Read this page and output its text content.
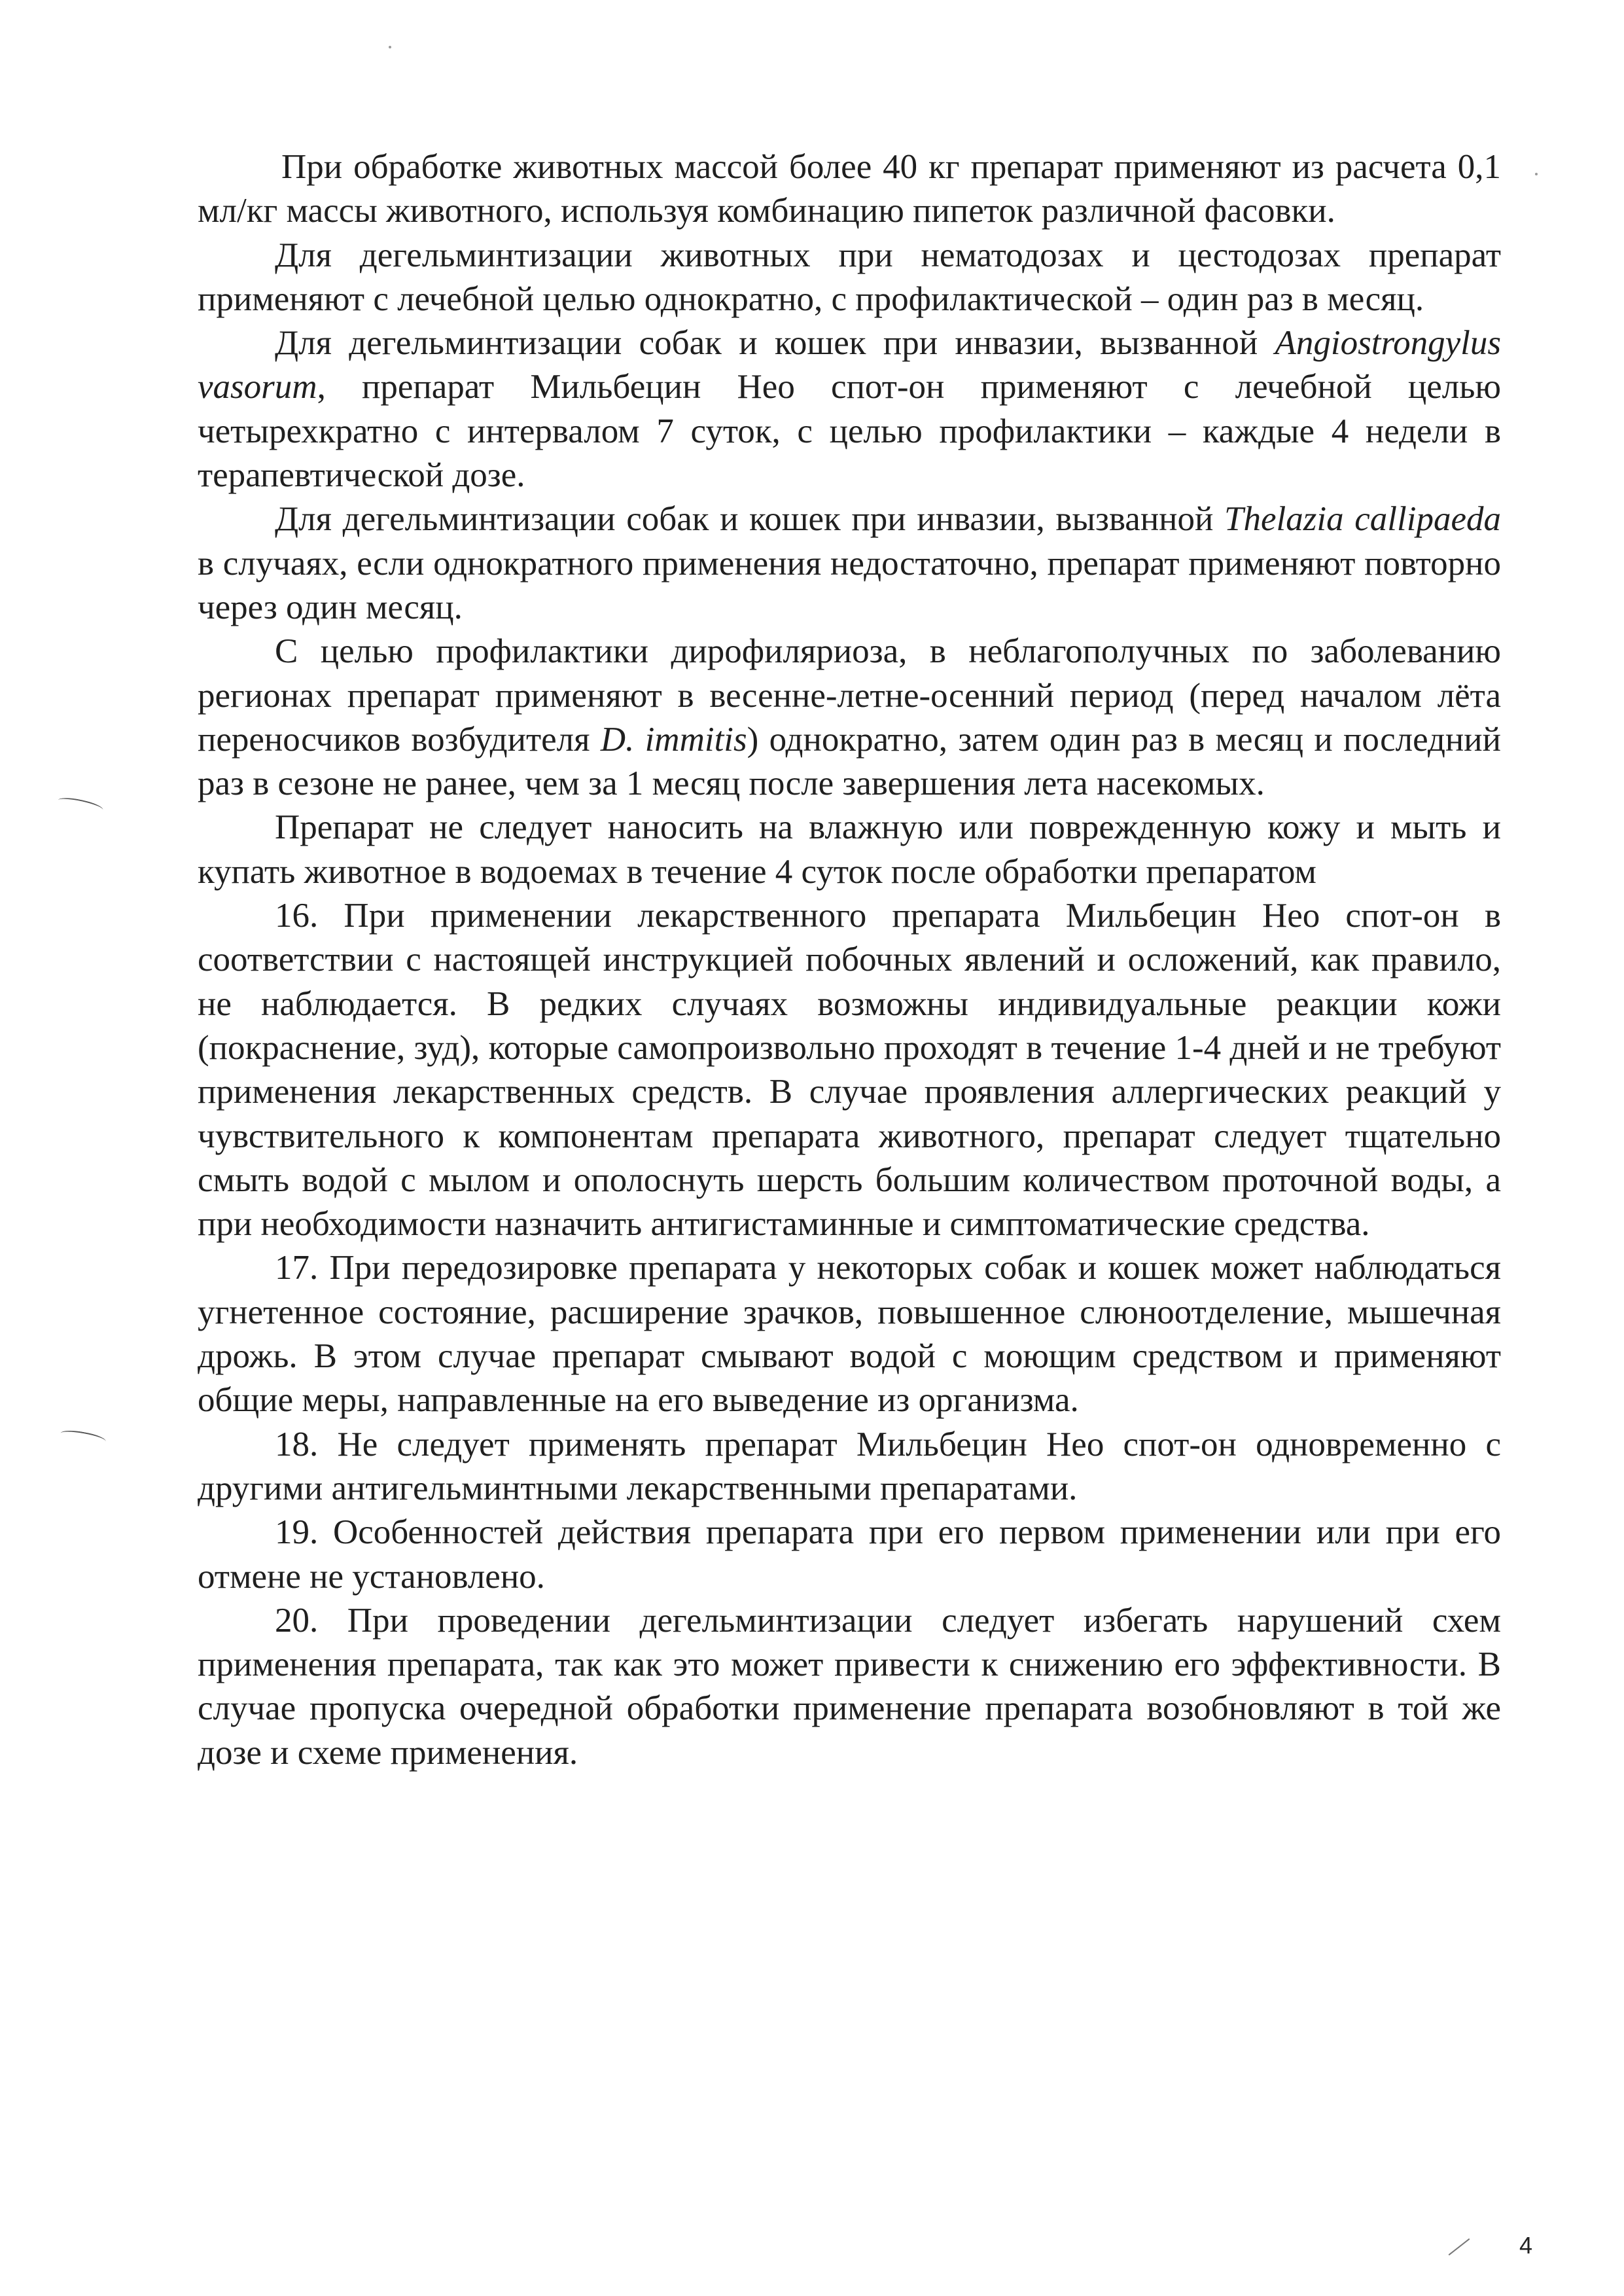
При обработке животных массой более 40 кг препарат применяют из расчета 0,1 мл/кг массы животного, используя комбинацию пипеток различной фасовки.

Для дегельминтизации животных при нематодозах и цестодозах препарат применяют с лечебной целью однократно, с профилактической – один раз в месяц.

Для дегельминтизации собак и кошек при инвазии, вызванной Angiostrongylus vasorum, препарат Мильбецин Нео спот-он применяют с лечебной целью четырехкратно с интервалом 7 суток, с целью профилактики – каждые 4 недели в терапевтической дозе.

Для дегельминтизации собак и кошек при инвазии, вызванной Thelazia callipaeda в случаях, если однократного применения недостаточно, препарат применяют повторно через один месяц.

С целью профилактики дирофиляриоза, в неблагополучных по заболеванию регионах препарат применяют в весенне-летне-осенний период (перед началом лёта переносчиков возбудителя D. immitis) однократно, затем один раз в месяц и последний раз в сезоне не ранее, чем за 1 месяц после завершения лета насекомых.

Препарат не следует наносить на влажную или поврежденную кожу и мыть и купать животное в водоемах в течение 4 суток после обработки препаратом

16. При применении лекарственного препарата Мильбецин Нео спот-он в соответствии с настоящей инструкцией побочных явлений и осложений, как правило, не наблюдается. В редких случаях возможны индивидуальные реакции кожи (покраснение, зуд), которые самопроизвольно проходят в течение 1-4 дней и не требуют применения лекарственных средств. В случае проявления аллергических реакций у чувствительного к компонентам препарата животного, препарат следует тщательно смыть водой с мылом и ополоснуть шерсть большим количеством проточной воды, а при необходимости назначить антигистаминные и симптоматические средства.

17. При передозировке препарата у некоторых собак и кошек может наблюдаться угнетенное состояние, расширение зрачков, повышенное слюноотделение, мышечная дрожь. В этом случае препарат смывают водой с моющим средством и применяют общие меры, направленные на его выведение из организма.

18. Не следует применять препарат Мильбецин Нео спот-он одновременно с другими антигельминтными лекарственными препаратами.

19. Особенностей действия препарата при его первом применении или при его отмене не установлено.

20. При проведении дегельминтизации следует избегать нарушений схем применения препарата, так как это может привести к снижению его эффективности. В случае пропуска очередной обработки применение препарата возобновляют в той же дозе и схеме применения.

4
